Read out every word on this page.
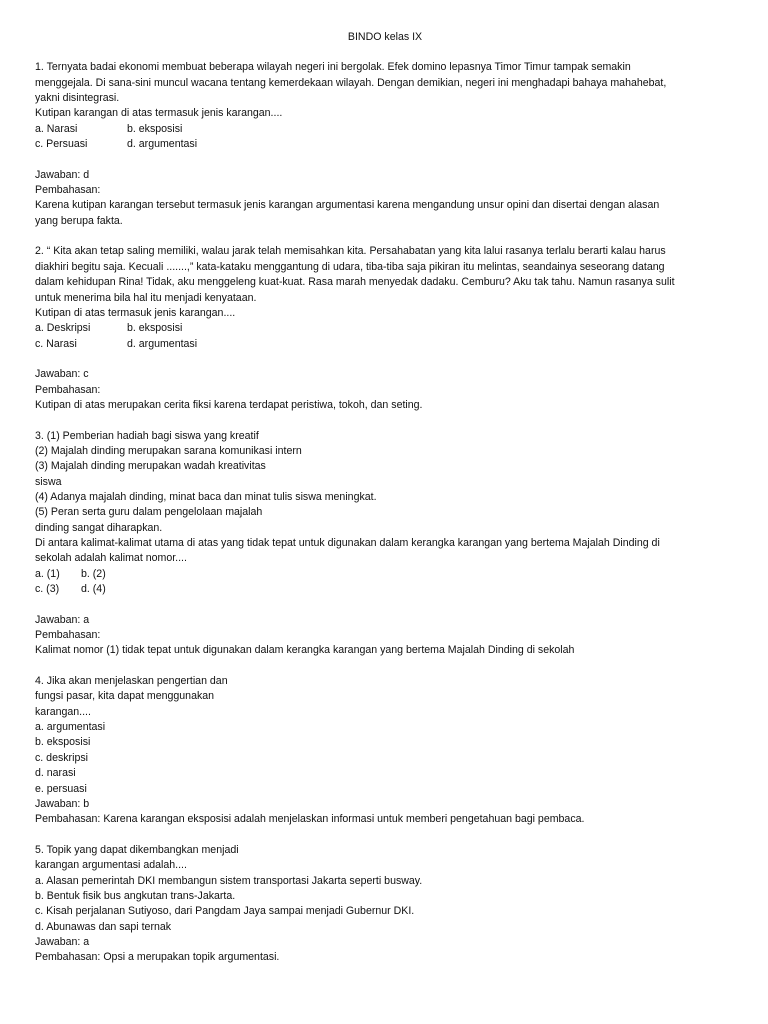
BINDO kelas IX
1. Ternyata badai ekonomi membuat beberapa wilayah negeri ini bergolak. Efek domino lepasnya Timor Timur tampak semakin
menggejala. Di sana-sini muncul wacana tentang kemerdekaan wilayah. Dengan demikian, negeri ini menghadapi bahaya mahahebat,
yakni disintegrasi.
Kutipan karangan di atas termasuk jenis karangan....
a. Narasi	b. eksposisi
c. Persuasi	d. argumentasi
Jawaban: d
Pembahasan:
Karena kutipan karangan tersebut termasuk jenis karangan argumentasi karena mengandung unsur opini dan disertai dengan alasan
yang berupa fakta.
2. “ Kita akan tetap saling memiliki, walau jarak telah memisahkan kita. Persahabatan yang kita lalui rasanya terlalu berarti kalau harus
diakhiri begitu saja. Kecuali .......,” kata-kataku menggantung di udara, tiba-tiba saja pikiran itu melintas, seandainya seseorang datang
dalam kehidupan Rina! Tidak, aku menggeleng kuat-kuat. Rasa marah menyedak dadaku. Cemburu? Aku tak tahu. Namun rasanya sulit
untuk menerima bila hal itu menjadi kenyataan.
Kutipan di atas termasuk jenis karangan....
a. Deskripsi	b. eksposisi
c. Narasi	d. argumentasi
Jawaban: c
Pembahasan:
Kutipan di atas merupakan cerita fiksi karena terdapat peristiwa, tokoh, dan seting.
3. (1) Pemberian hadiah bagi siswa yang kreatif
(2) Majalah dinding merupakan sarana komunikasi intern
(3) Majalah dinding merupakan wadah kreativitas
siswa
(4) Adanya majalah dinding, minat baca dan minat tulis siswa meningkat.
(5) Peran serta guru dalam pengelolaan majalah
dinding sangat diharapkan.
Di antara kalimat-kalimat utama di atas yang tidak tepat untuk digunakan dalam kerangka karangan yang bertema Majalah Dinding di
sekolah adalah kalimat nomor....
a. (1) b. (2)
c. (3) d. (4)
Jawaban: a
Pembahasan:
Kalimat nomor (1) tidak tepat untuk digunakan dalam kerangka karangan yang bertema Majalah Dinding di sekolah
4. Jika akan menjelaskan pengertian dan
fungsi pasar, kita dapat menggunakan
karangan....
a. argumentasi
b. eksposisi
c. deskripsi
d. narasi
e. persuasi
Jawaban: b
Pembahasan: Karena karangan eksposisi adalah menjelaskan informasi untuk memberi pengetahuan bagi pembaca.
5. Topik yang dapat dikembangkan menjadi
karangan argumentasi adalah....
a. Alasan pemerintah DKI membangun sistem transportasi Jakarta seperti busway.
b. Bentuk fisik bus angkutan trans-Jakarta.
c. Kisah perjalanan Sutiyoso, dari Pangdam Jaya sampai menjadi Gubernur DKI.
d. Abunawas dan sapi ternak
Jawaban: a
Pembahasan: Opsi a merupakan topik argumentasi.
